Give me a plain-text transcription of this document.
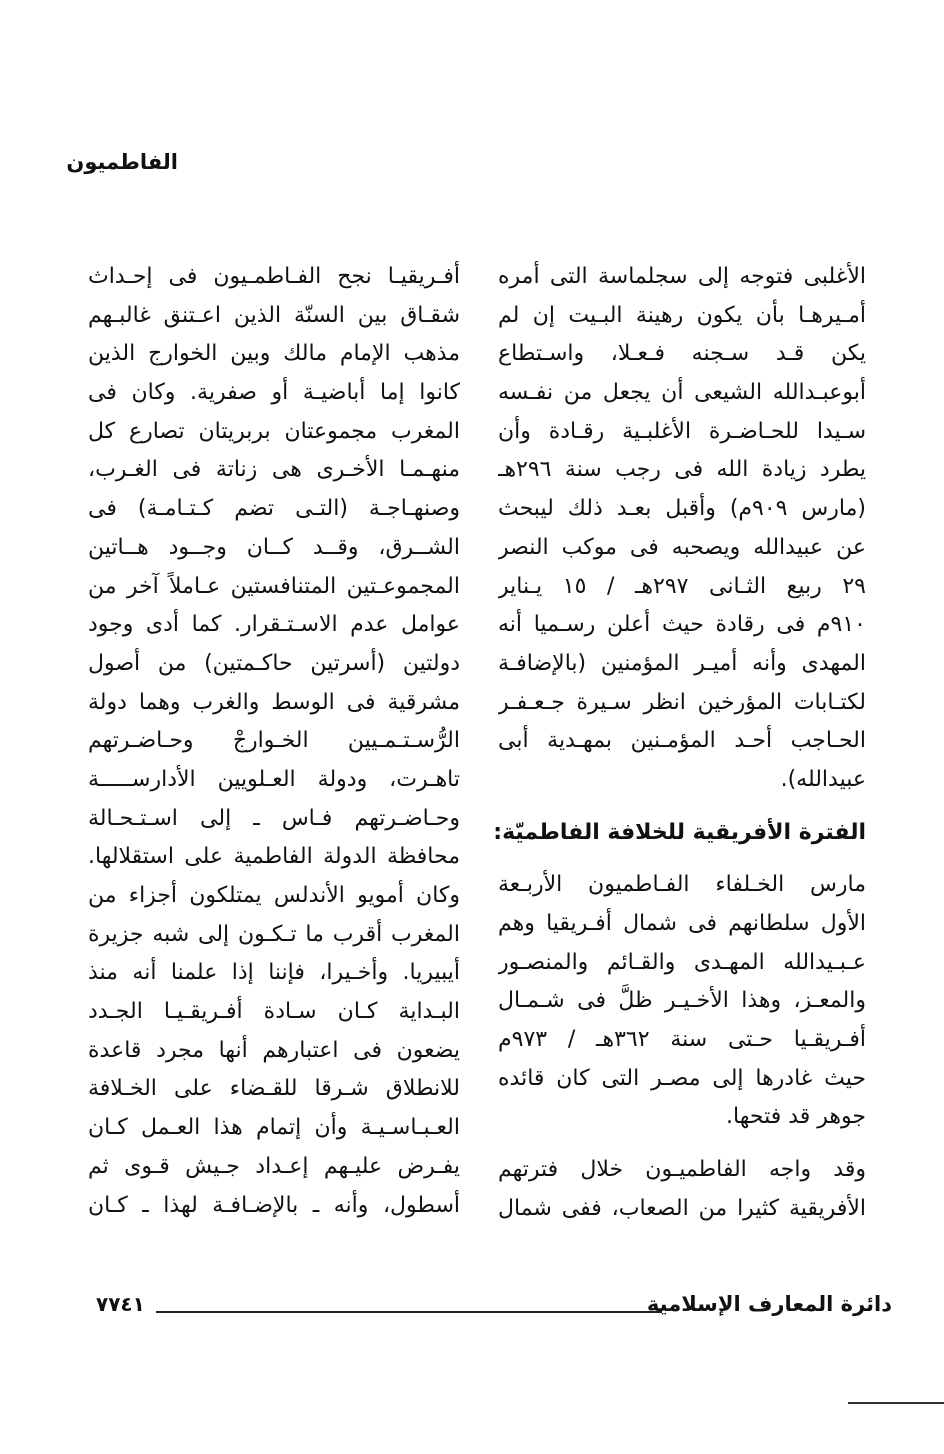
الفاطميون
الأغلبى فتوجه إلى سجلماسة التى أمره
أمـيرهـا بأن يكون رهينة البـيت إن لم
يكن قـد سـجنه فـعـلا، واسـتطاع
أبوعبـدالله الشيعى أن يجعل من نفـسه
سـيدا للحـاضـرة الأغلبـية رقـادة وأن
يطرد زيادة الله فى رجب سنة ٢٩٦هـ
(مارس ٩٠٩م) وأقبل بعـد ذلك ليبحث
عن عبيدالله ويصحبه فى موكب النصر
٢٩ ربيع الثـانى ٢٩٧هـ / ١٥ يـناير
٩١٠م فى رقادة حيث أعلن رسـميا أنه
المهدى وأنه أميـر المؤمنين (بالإضافـة
لكتـابات المؤرخين انظر سـيرة جـعـفـر
الحـاجب أحـد المؤمـنين بمهـدية أبى
عبيدالله).
الفترة الأفريقية للخلافة الفاطميّة:
مارس الخـلفاء الفـاطميون الأربـعة
الأول سلطانهم فى شمال أفـريقيا وهم
عـبـيدالله المهـدى والقـائم والمنصـور
والمعـز، وهذا الأخـيـر ظلَّ فى شـمـال
أفـريقـيا حـتى سنة ٣٦٢هـ / ٩٧٣م
حيث غادرها إلى مصـر التى كان قائده
جوهر قد فتحها.
وقد واجه الفاطميـون خلال فترتهم
الأفريقية كثيرا من الصعاب، ففى شمال
أفـريقيـا نجح الفـاطمـيون فى إحـداث
شقـاق بين السنّة الذين اعـتنق غالبـهم
مذهب الإمام مالك وبين الخوارج الذين
كانوا إما أباضيـة أو صفرية. وكان فى
المغرب مجموعتان بربريتان تصارع كل
منهـمـا الأخـرى هى زناتة فى الغـرب،
وصنهـاجـة (التـى تضم كـتـامـة) فى
الشــرق، وقــد كــان وجــود هــاتين
المجموعـتين المتنافستين عـاملاً آخر من
عوامل عدم الاسـتـقرار. كما أدى وجود
دولتين (أسرتين حاكـمتين) من أصول
مشرقية فى الوسط والغرب وهما دولة
الرُّسـتـمـيين الخـوارجْ وحـاضـرتهم
تاهـرت، ودولة العـلويين الأدارســـــة
وحـاضـرتهم فـاس ـ إلى اسـتـحـالة
محافظة الدولة الفاطمية على استقلالها.
وكان أمويو الأندلس يمتلكون أجزاء من
المغرب أقرب ما تـكـون إلى شبه جزيرة
أيبيريا. وأخـيرا، فإننا إذا علمنا أنه منذ
البـداية كـان سـادة أفـريقـيـا الجـدد
يضعون فى اعتبارهم أنها مجرد قاعدة
للانطلاق شـرقا للقـضاء على الخـلافة
العـبـاسـيـة وأن إتمام هذا العـمل كـان
يفـرض عليـهم إعـداد جـيش قـوى ثم
أسطول، وأنه ـ بالإضـافـة لهذا ـ كـان
دائرة المعارف الإسلامية
٧٧٤١
